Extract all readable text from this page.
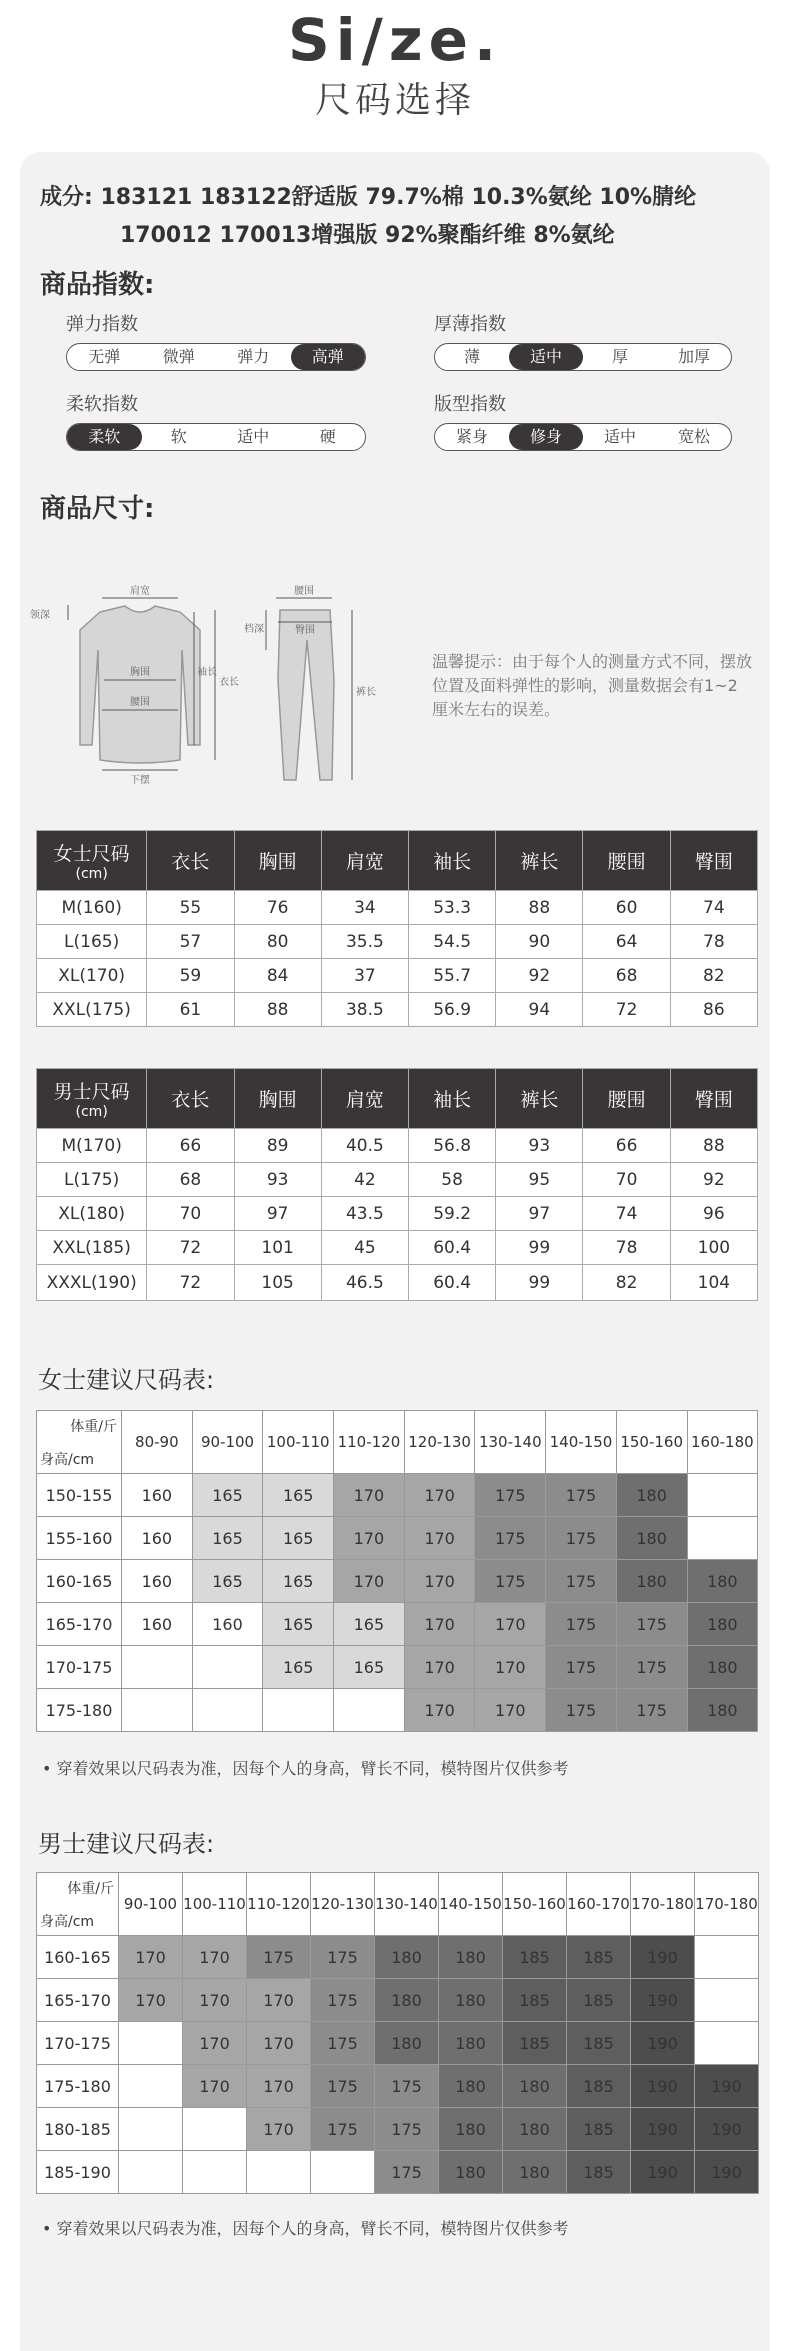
Si/ze.
尺码选择
成分: 183121 183122舒适版 79.7%棉 10.3%氨纶 10%腈纶
170012 170013增强版 92%聚酯纤维 8%氨纶
商品指数:
弹力指数
无弹	微弹	弹力	高弹
厚薄指数
薄	适中	厚	加厚
柔软指数
柔软	软	适中	硬
版型指数
紧身	修身	适中	宽松
商品尺寸:
肩宽
领深
胸围
腰围
下摆
袖长
衣长
腰围
臀围
档深
裤长
温馨提示：由于每个人的测量方式不同，摆放位置及面料弹性的影响，测量数据会有1~2厘米左右的误差。
女士尺码
(cm)	衣长	胸围	肩宽	袖长	裤长	腰围	臀围
M(160)	55	76	34	53.3	88	60	74
L(165)	57	80	35.5	54.5	90	64	78
XL(170)	59	84	37	55.7	92	68	82
XXL(175)	61	88	38.5	56.9	94	72	86
男士尺码
(cm)	衣长	胸围	肩宽	袖长	裤长	腰围	臀围
M(170)	66	89	40.5	56.8	93	66	88
L(175)	68	93	42	58	95	70	92
XL(180)	70	97	43.5	59.2	97	74	96
XXL(185)	72	101	45	60.4	99	78	100
XXXL(190)	72	105	46.5	60.4	99	82	104
女士建议尺码表:
体重/斤
身高/cm	80-90	90-100	100-110	110-120	120-130	130-140	140-150	150-160	160-180
150-155	160	165	165	170	170	175	175	180	
155-160	160	165	165	170	170	175	175	180	
160-165	160	165	165	170	170	175	175	180	180
165-170	160	160	165	165	170	170	175	175	180
170-175			165	165	170	170	175	175	180
175-180					170	170	175	175	180
• 穿着效果以尺码表为准，因每个人的身高，臂长不同，模特图片仅供参考
男士建议尺码表:
体重/斤
身高/cm	90-100	100-110	110-120	120-130	130-140	140-150	150-160	160-170	170-180	170-180
160-165	170	170	175	175	180	180	185	185	190	
165-170	170	170	170	175	180	180	185	185	190	
170-175		170	170	175	180	180	185	185	190	
175-180		170	170	175	175	180	180	185	190	190
180-185			170	175	175	180	180	185	190	190
185-190					175	180	180	185	190	190
• 穿着效果以尺码表为准，因每个人的身高，臂长不同，模特图片仅供参考
